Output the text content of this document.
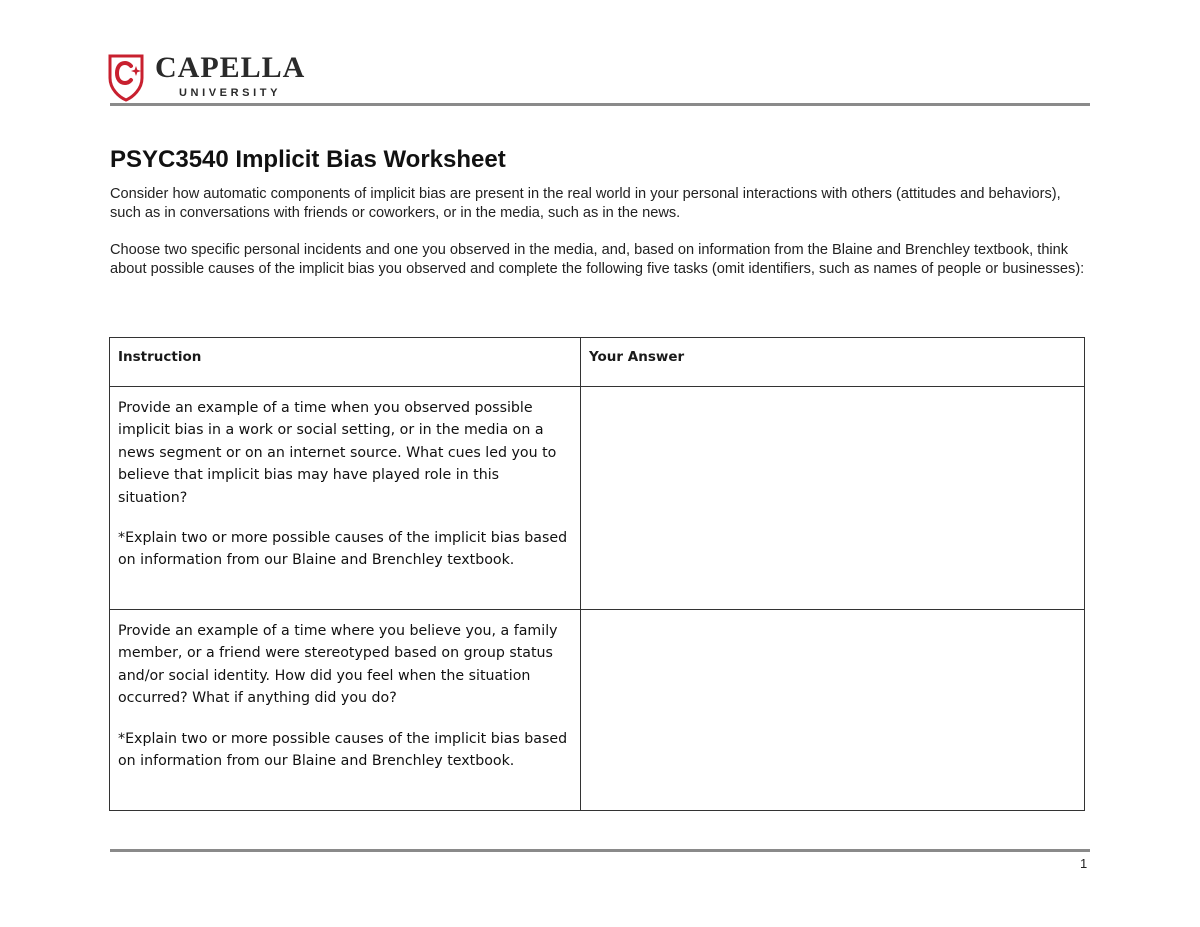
CAPELLA
UNIVERSITY
PSYC3540 Implicit Bias Worksheet

Consider how automatic components of implicit bias are present in the real world in your personal interactions with others (attitudes and behaviors), such as in conversations with friends or coworkers, or in the media, such as in the news.

Choose two specific personal incidents and one you observed in the media, and, based on information from the Blaine and Brenchley textbook, think about possible causes of the implicit bias you observed and complete the following five tasks (omit identifiers, such as names of people or businesses):

Instruction	Your Answer

Provide an example of a time when you observed possible implicit bias in a work or social setting, or in the media on a news segment or on an internet source. What cues led you to believe that implicit bias may have played role in this situation?

*Explain two or more possible causes of the implicit bias based on information from our Blaine and Brenchley textbook.	

Provide an example of a time where you believe you, a family member, or a friend were stereotyped based on group status and/or social identity. How did you feel when the situation occurred? What if anything did you do?

*Explain two or more possible causes of the implicit bias based on information from our Blaine and Brenchley textbook.	

1
